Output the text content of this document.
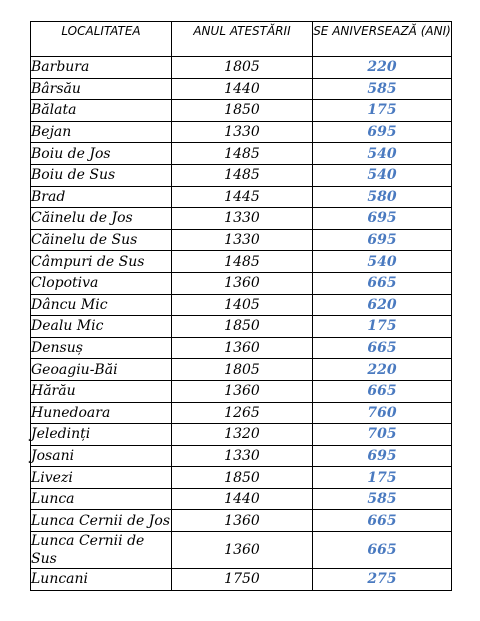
LOCALITATEA	ANUL ATESTĂRII	SE ANIVERSEAZĂ (ANI)
Barbura	1805	220
Bârsău	1440	585
Bălata	1850	175
Bejan	1330	695
Boiu de Jos	1485	540
Boiu de Sus	1485	540
Brad	1445	580
Căinelu de Jos	1330	695
Căinelu de Sus	1330	695
Câmpuri de Sus	1485	540
Clopotiva	1360	665
Dâncu Mic	1405	620
Dealu Mic	1850	175
Densuș	1360	665
Geoagiu-Băi	1805	220
Hărău	1360	665
Hunedoara	1265	760
Jeledinți	1320	705
Josani	1330	695
Livezi	1850	175
Lunca	1440	585
Lunca Cernii de Jos	1360	665
Lunca Cernii de Sus	1360	665
Luncani	1750	275
